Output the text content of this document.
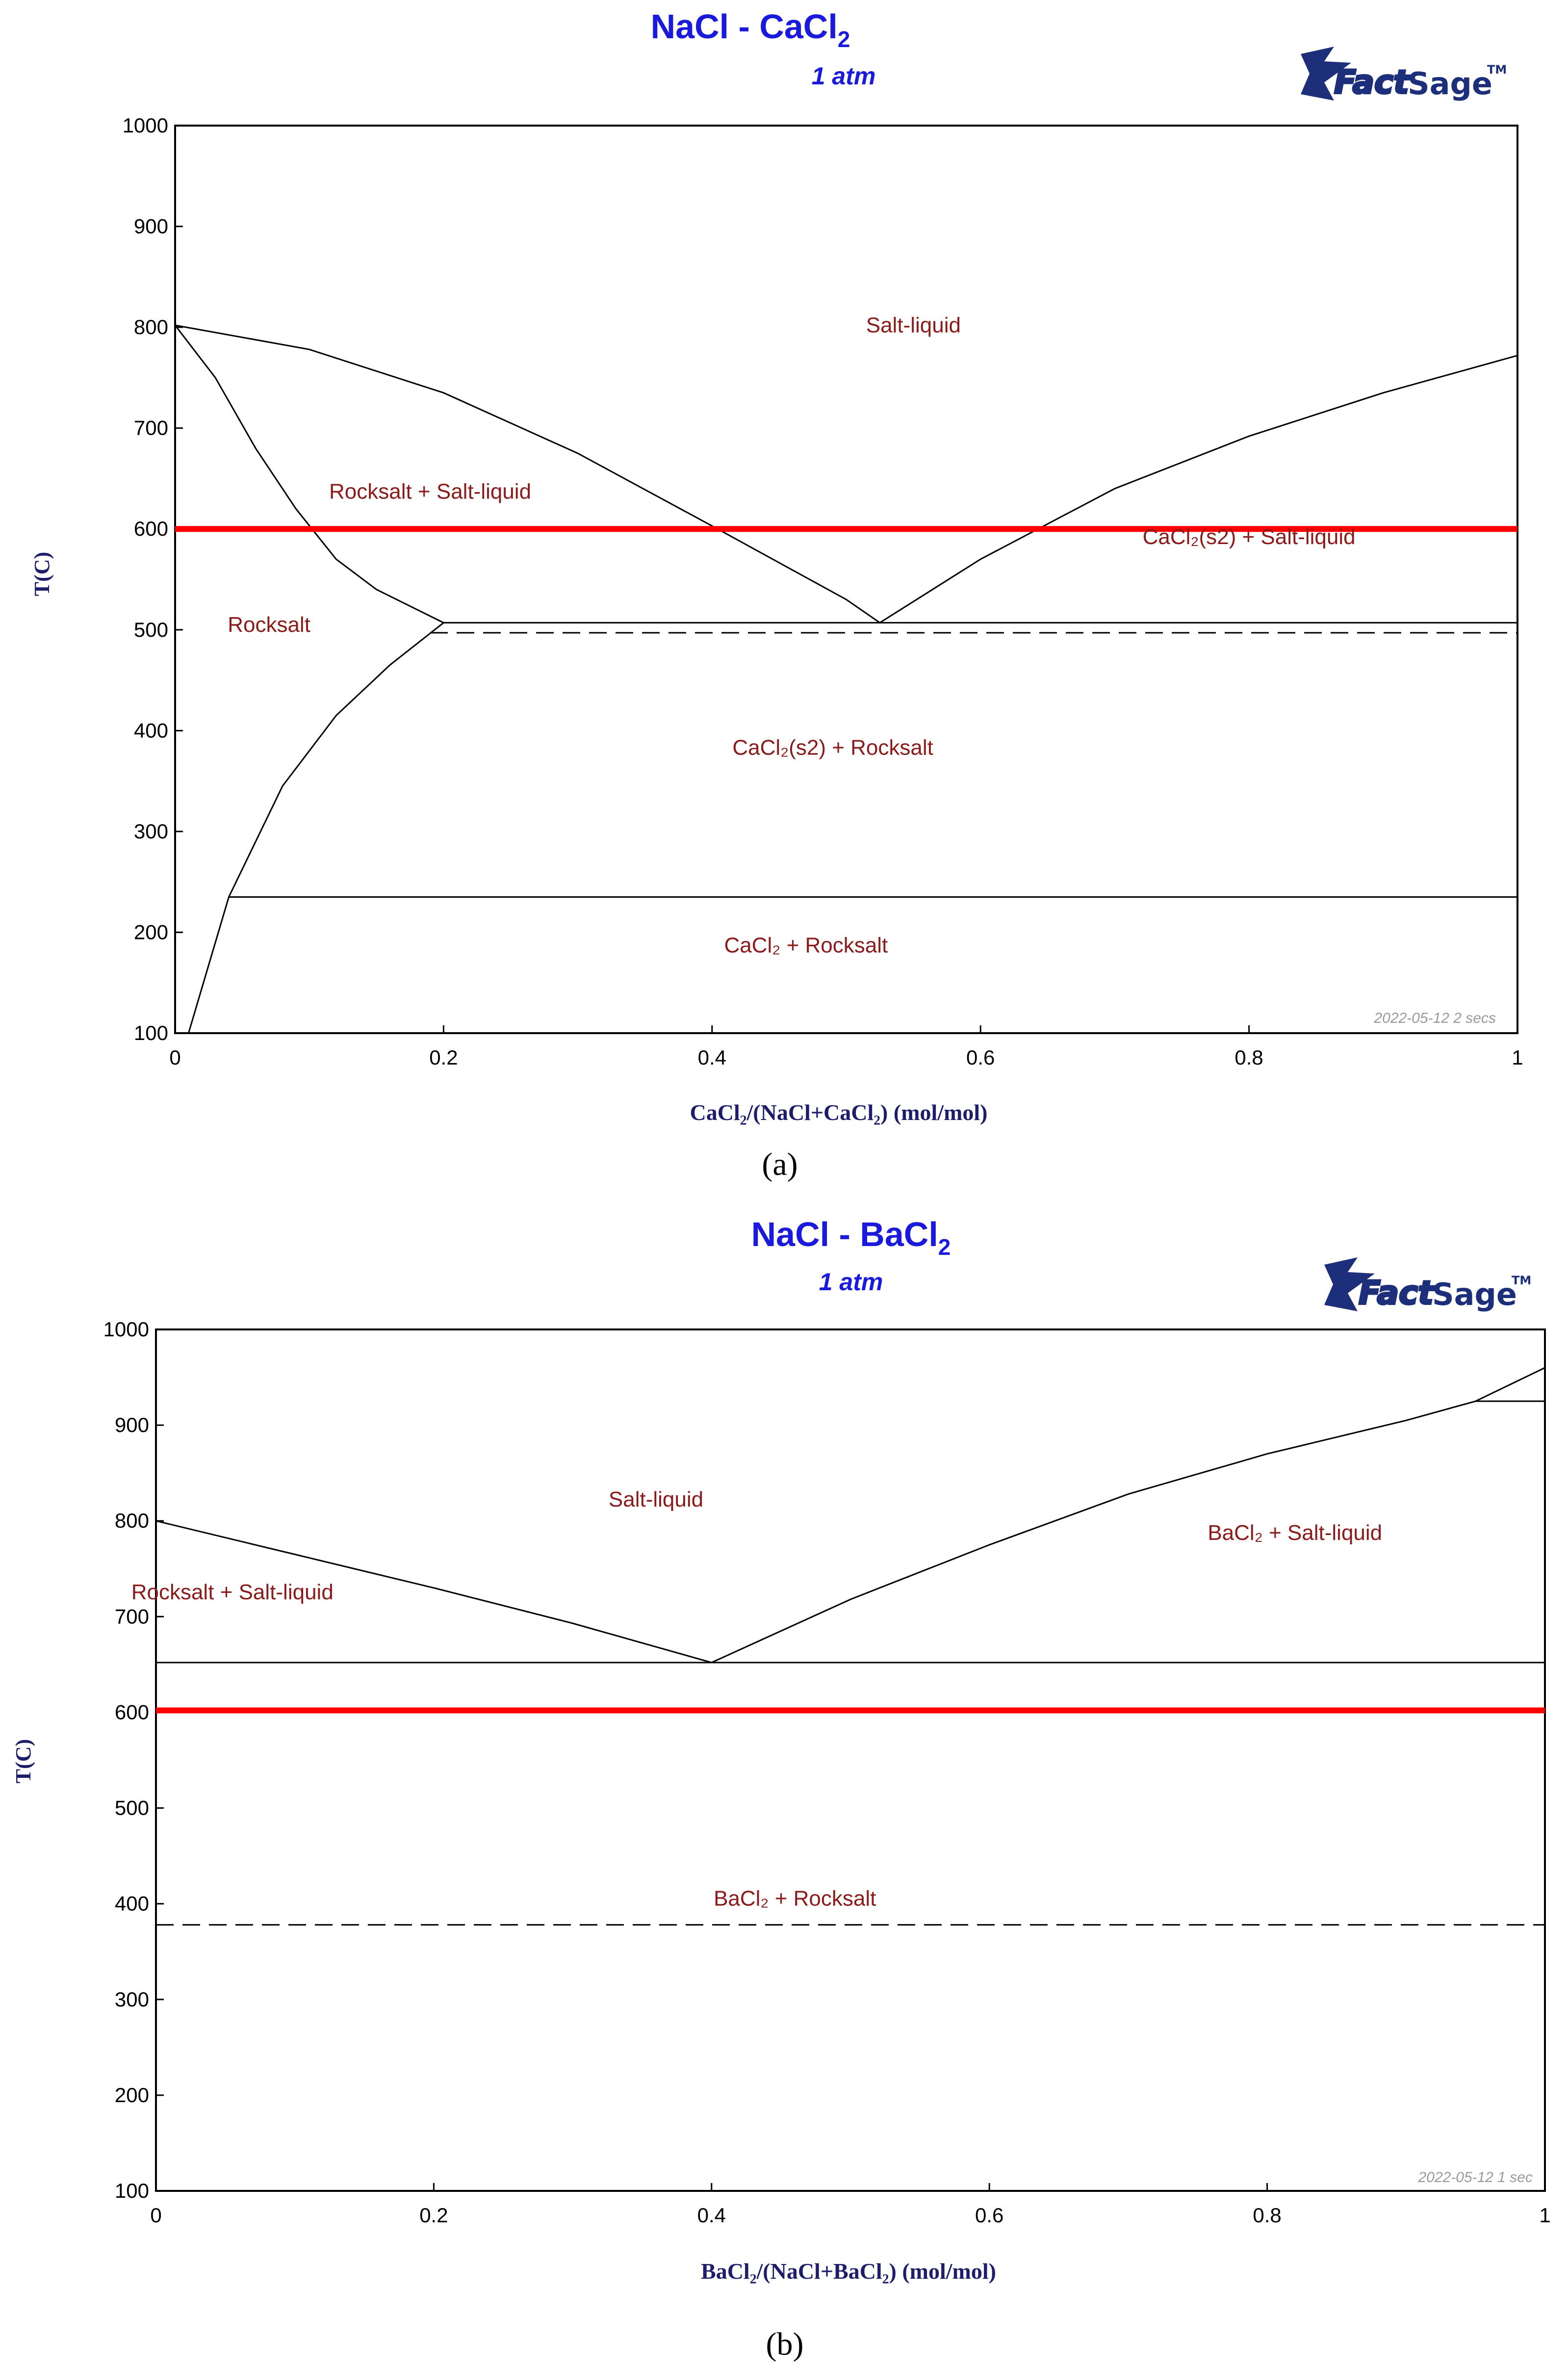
NaCl - CaCl$_2$
1 atm	Fact
Sage
TM
100
200
300
400
500
600
700
800
900
1000
0	0.2	0.4	0.6	0.8	1
Salt-liquid
Rocksalt + Salt-liquid
CaCl₂(s2) + Salt-liquid
Rocksalt
CaCl₂(s2) + Rocksalt
CaCl₂ + Rocksalt
T(C)
CaCl₂/(NaCl+CaCl₂) (mol/mol)
2022-05-12 2 secs
(a)
NaCl - BaCl$_2$
1 atm	Fact
Sage
TM
100
200
300
400
500
600
700
800
900
1000
0	0.2	0.4	0.6	0.8	1
Salt-liquid
BaCl₂ + Salt-liquid
Rocksalt + Salt-liquid
BaCl₂ + Rocksalt
T(C)
BaCl₂/(NaCl+BaCl₂) (mol/mol)
2022-05-12 1 sec
(b)
